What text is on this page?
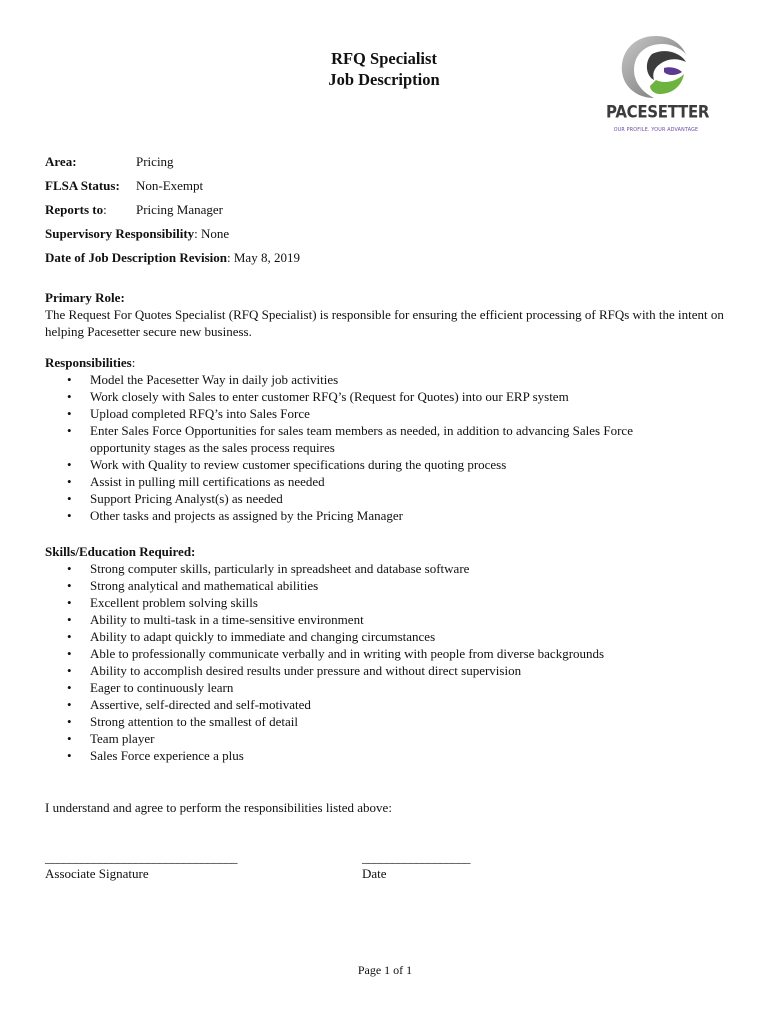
RFQ Specialist
Job Description
PACESETTER
OUR PROFILE. YOUR ADVANTAGE
Area:	Pricing
FLSA Status: Non-Exempt
Reports to: Pricing Manager
Supervisory Responsibility: None
Date of Job Description Revision: May 8, 2019
Primary Role:

The Request For Quotes Specialist (RFQ Specialist) is responsible for ensuring the efficient processing of RFQs with the intent on helping Pacesetter secure new business.

Responsibilities:
• Model the Pacesetter Way in daily job activities
• Work closely with Sales to enter customer RFQ’s (Request for Quotes) into our ERP system
• Upload completed RFQ’s into Sales Force
• Enter Sales Force Opportunities for sales team members as needed, in addition to advancing Sales Force opportunity stages as the sales process requires
• Work with Quality to review customer specifications during the quoting process
• Assist in pulling mill certifications as needed
• Support Pricing Analyst(s) as needed
• Other tasks and projects as assigned by the Pricing Manager
Skills/Education Required:
• Strong computer skills, particularly in spreadsheet and database software
• Strong analytical and mathematical abilities
• Excellent problem solving skills
• Ability to multi-task in a time-sensitive environment
• Ability to adapt quickly to immediate and changing circumstances
• Able to professionally communicate verbally and in writing with people from diverse backgrounds
• Ability to accomplish desired results under pressure and without direct supervision
• Eager to continuously learn
• Assertive, self-directed and self-motivated
• Strong attention to the smallest of detail
• Team player
• Sales Force experience a plus
I understand and agree to perform the responsibilities listed above:
________________________________
Associate Signature
__________________
Date
Page 1 of 1
